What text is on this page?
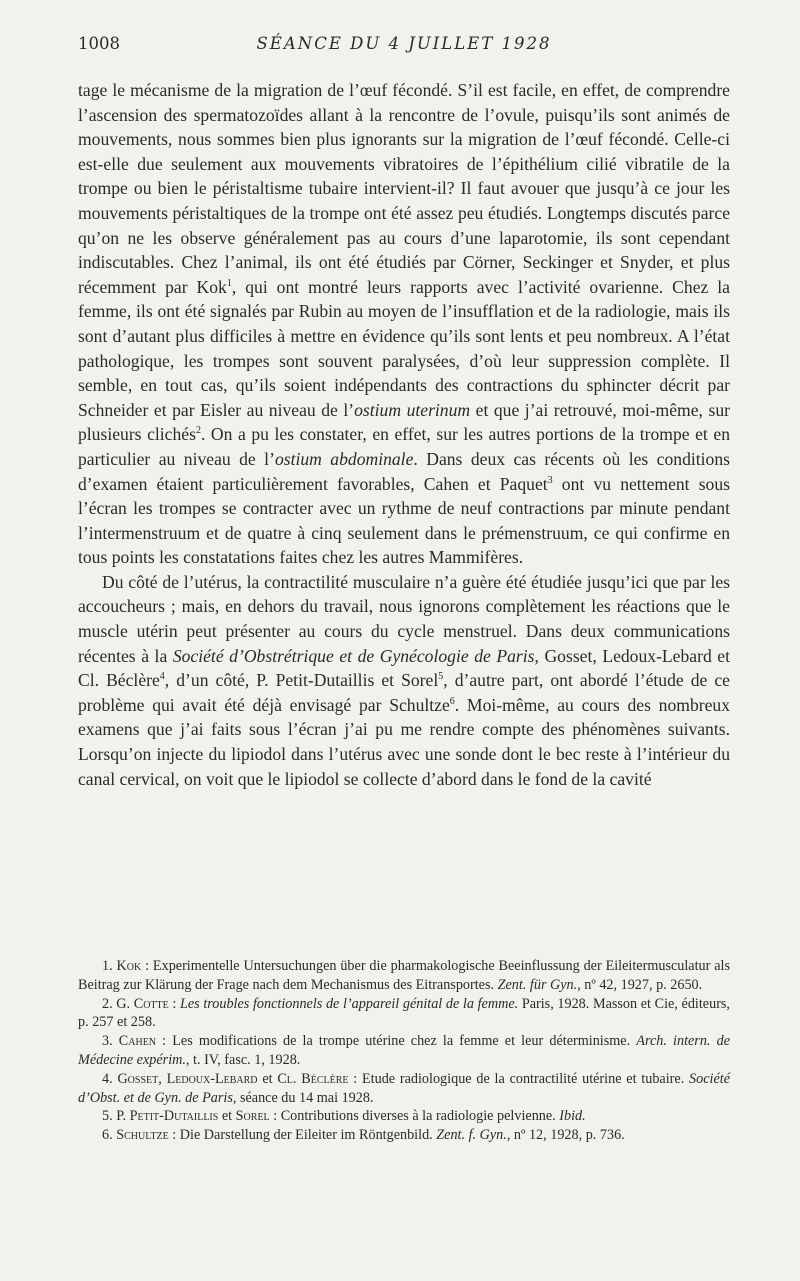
1008	SÉANCE DU 4 JUILLET 1928

tage le mécanisme de la migration de l’œuf fécondé. S’il est facile, en effet, de comprendre l’ascension des spermatozoïdes allant à la rencontre de l’ovule, puisqu’ils sont animés de mouvements, nous sommes bien plus ignorants sur la migration de l’œuf fécondé. Celle-ci est-elle due seulement aux mouvements vibratoires de l’épithélium cilié vibratile de la trompe ou bien le péristaltisme tubaire intervient-il? Il faut avouer que jusqu’à ce jour les mouvements péristaltiques de la trompe ont été assez peu étudiés. Longtemps discutés parce qu’on ne les observe généralement pas au cours d’une laparotomie, ils sont cependant indiscutables. Chez l’animal, ils ont été étudiés par Cörner, Seckinger et Snyder, et plus récemment par Kok$^1$, qui ont montré leurs rapports avec l’activité ovarienne. Chez la femme, ils ont été signalés par Rubin au moyen de l’insufflation et de la radiologie, mais ils sont d’autant plus difficiles à mettre en évidence qu’ils sont lents et peu nombreux. A l’état pathologique, les trompes sont souvent paralysées, d’où leur suppression complète. Il semble, en tout cas, qu’ils soient indépendants des contractions du sphincter décrit par Schneider et par Eisler au niveau de l’ostium uterinum et que j’ai retrouvé, moi-même, sur plusieurs clichés$^2$. On a pu les constater, en effet, sur les autres portions de la trompe et en particulier au niveau de l’ostium abdominale. Dans deux cas récents où les conditions d’examen étaient particulièrement favorables, Cahen et Paquet$^3$ ont vu nettement sous l’écran les trompes se contracter avec un rythme de neuf contractions par minute pendant l’intermenstruum et de quatre à cinq seulement dans le prémenstruum, ce qui confirme en tous points les constatations faites chez les autres Mammifères.

Du côté de l’utérus, la contractilité musculaire n’a guère été étudiée jusqu’ici que par les accoucheurs ; mais, en dehors du travail, nous ignorons complètement les réactions que le muscle utérin peut présenter au cours du cycle menstruel. Dans deux communications récentes à la Société d’Obstrétrique et de Gynécologie de Paris, Gosset, Ledoux-Lebard et Cl. Béclère$^4$, d’un côté, P. Petit-Dutaillis et Sorel$^5$, d’autre part, ont abordé l’étude de ce problème qui avait été déjà envisagé par Schultze$^6$. Moi-même, au cours des nombreux examens que j’ai faits sous l’écran j’ai pu me rendre compte des phénomènes suivants. Lorsqu’on injecte du lipiodol dans l’utérus avec une sonde dont le bec reste à l’intérieur du canal cervical, on voit que le lipiodol se collecte d’abord dans le fond de la cavité

1. Kok : Experimentelle Untersuchungen über die pharmakologische Beeinflussung der Eileitermusculatur als Beitrag zur Klärung der Frage nach dem Mechanismus des Eitransportes. Zent. für Gyn., nº 42, 1927, p. 2650.

2. G. Cotte : Les troubles fonctionnels de l’appareil génital de la femme. Paris, 1928. Masson et Cie, éditeurs, p. 257 et 258.

3. Cahen : Les modifications de la trompe utérine chez la femme et leur déterminisme. Arch. intern. de Médecine expérim., t. IV, fasc. 1, 1928.

4. Gosset, Ledoux-Lebard et Cl. Béclère : Etude radiologique de la contractilité utérine et tubaire. Société d’Obst. et de Gyn. de Paris, séance du 14 mai 1928.

5. P. Petit-Dutaillis et Sorel : Contributions diverses à la radiologie pelvienne. Ibid.

6. Schultze : Die Darstellung der Eileiter im Röntgenbild. Zent. f. Gyn., nº 12, 1928, p. 736.
